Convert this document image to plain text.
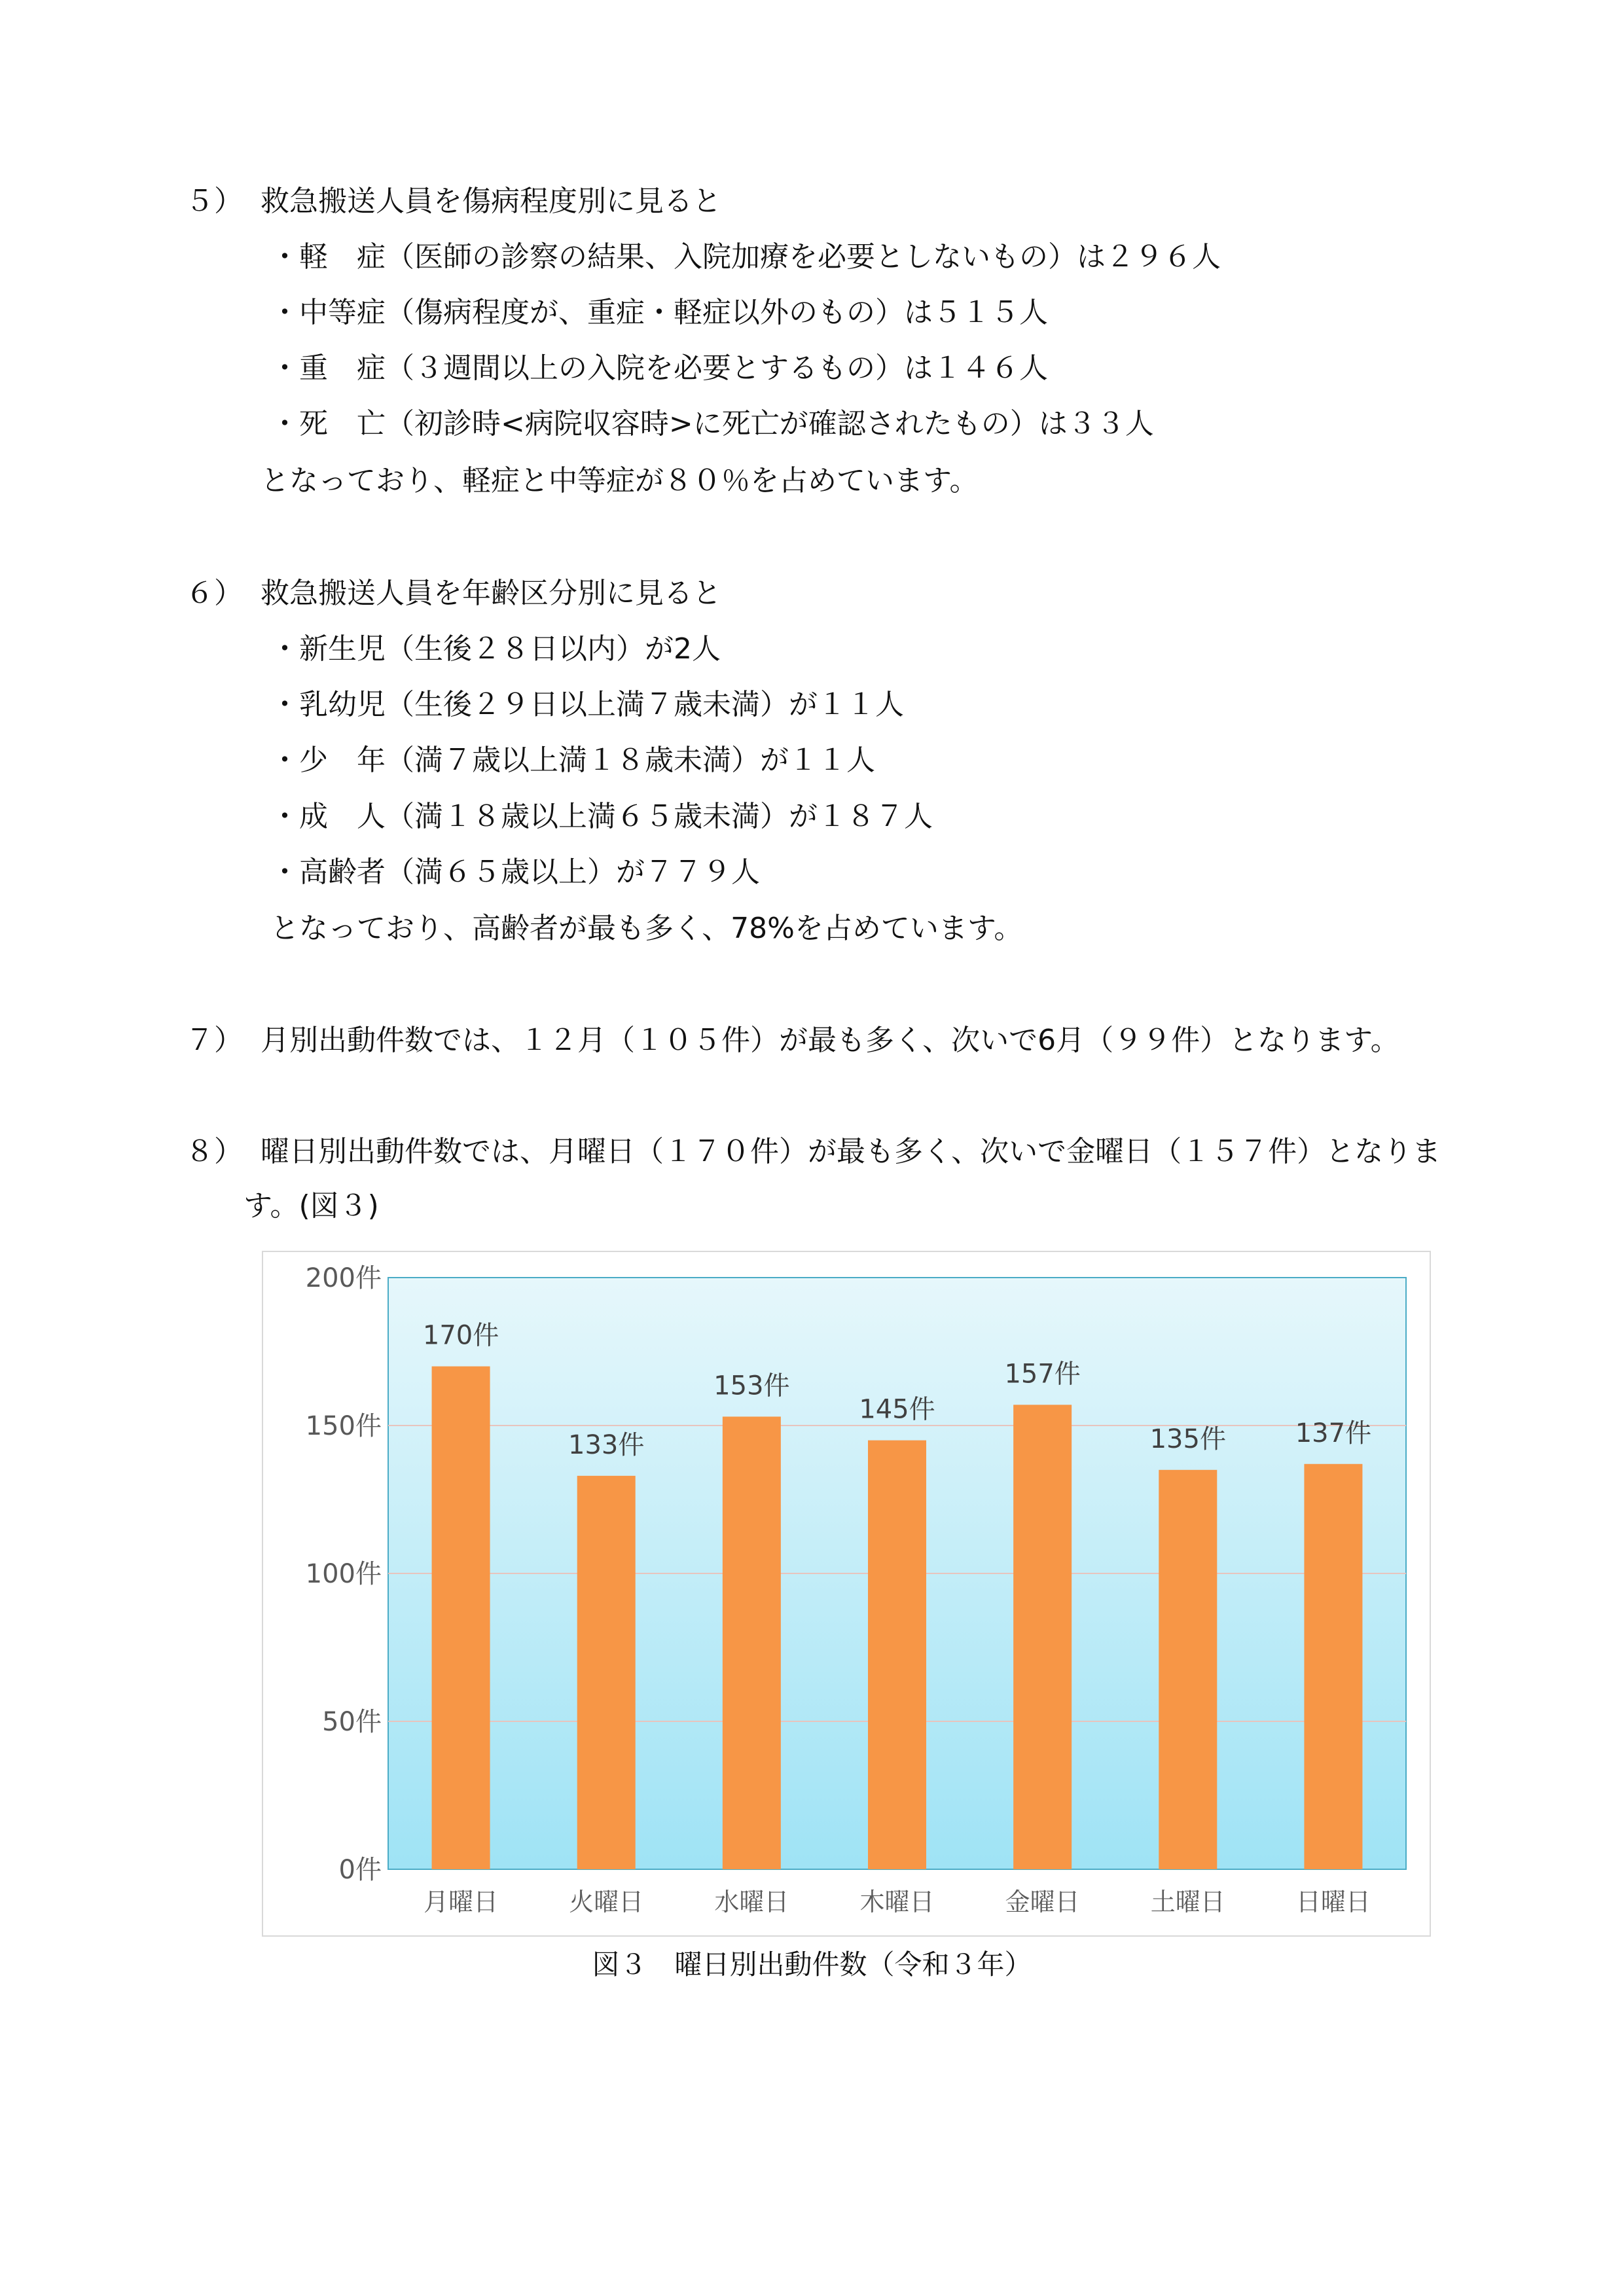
５） 救急搬送人員を傷病程度別に見ると
・軽　症（医師の診察の結果、入院加療を必要としないもの）は２９６人
・中等症（傷病程度が、重症・軽症以外のもの）は５１５人
・重　症（３週間以上の入院を必要とするもの）は１４６人
・死　亡（初診時<病院収容時>に死亡が確認されたもの）は３３人
となっており、軽症と中等症が８０％を占めています。
６） 救急搬送人員を年齢区分別に見ると
・新生児（生後２８日以内）が2人
・乳幼児（生後２９日以上満７歳未満）が１１人
・少　年（満７歳以上満１８歳未満）が１１人
・成　人（満１８歳以上満６５歳未満）が１８７人
・高齢者（満６５歳以上）が７７９人
となっており、高齢者が最も多く、78%を占めています。
７） 月別出動件数では、１２月（１０５件）が最も多く、次いで6月（９９件）となります。
８） 曜日別出動件数では、月曜日（１７０件）が最も多く、次いで金曜日（１５７件）となりま
す。(図３)
0件
50件
100件
150件
200件
170件
133件
153件
145件
157件
135件	137件
月曜日	火曜日	水曜日	木曜日	金曜日	土曜日	日曜日
図３　曜日別出動件数（令和３年）
